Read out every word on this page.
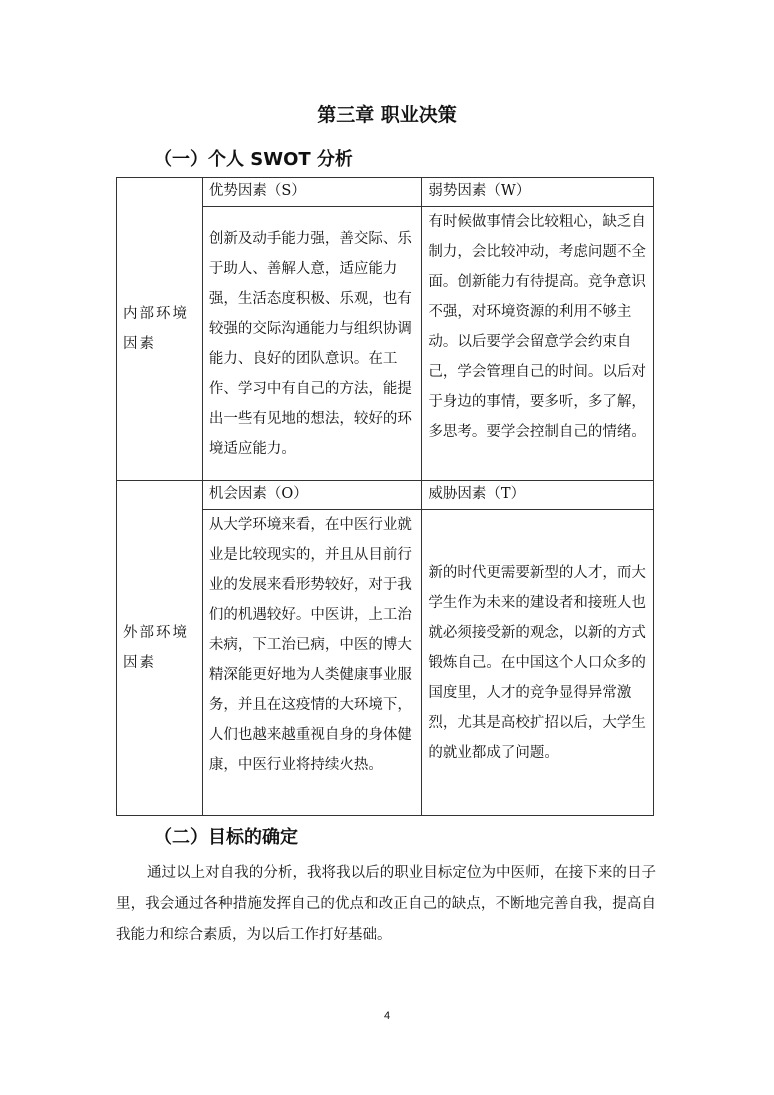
第三章 职业决策
（一）个人 SWOT 分析
内部环境因素	优势因素（S）	弱势因素（W）
	创新及动手能力强，善交际、乐于助人、善解人意，适应能力强，生活态度积极、乐观，也有较强的交际沟通能力与组织协调能力、良好的团队意识。在工作、学习中有自己的方法，能提出一些有见地的想法，较好的环境适应能力。	有时候做事情会比较粗心，缺乏自制力，会比较冲动，考虑问题不全面。创新能力有待提高。竞争意识不强，对环境资源的利用不够主动。以后要学会留意学会约束自己，学会管理自己的时间。以后对于身边的事情，要多听，多了解，多思考。要学会控制自己的情绪。
外部环境因素	机会因素（O）	威胁因素（T）
	从大学环境来看，在中医行业就业是比较现实的，并且从目前行业的发展来看形势较好，对于我们的机遇较好。中医讲，上工治未病，下工治已病，中医的博大精深能更好地为人类健康事业服务，并且在这疫情的大环境下，人们也越来越重视自身的身体健康，中医行业将持续火热。	新的时代更需要新型的人才，而大学生作为未来的建设者和接班人也就必须接受新的观念，以新的方式锻炼自己。在中国这个人口众多的国度里，人才的竞争显得异常激烈，尤其是高校扩招以后，大学生的就业都成了问题。
（二）目标的确定
通过以上对自我的分析，我将我以后的职业目标定位为中医师，在接下来的日子里，我会通过各种措施发挥自己的优点和改正自己的缺点，不断地完善自我，提高自我能力和综合素质，为以后工作打好基础。
4
